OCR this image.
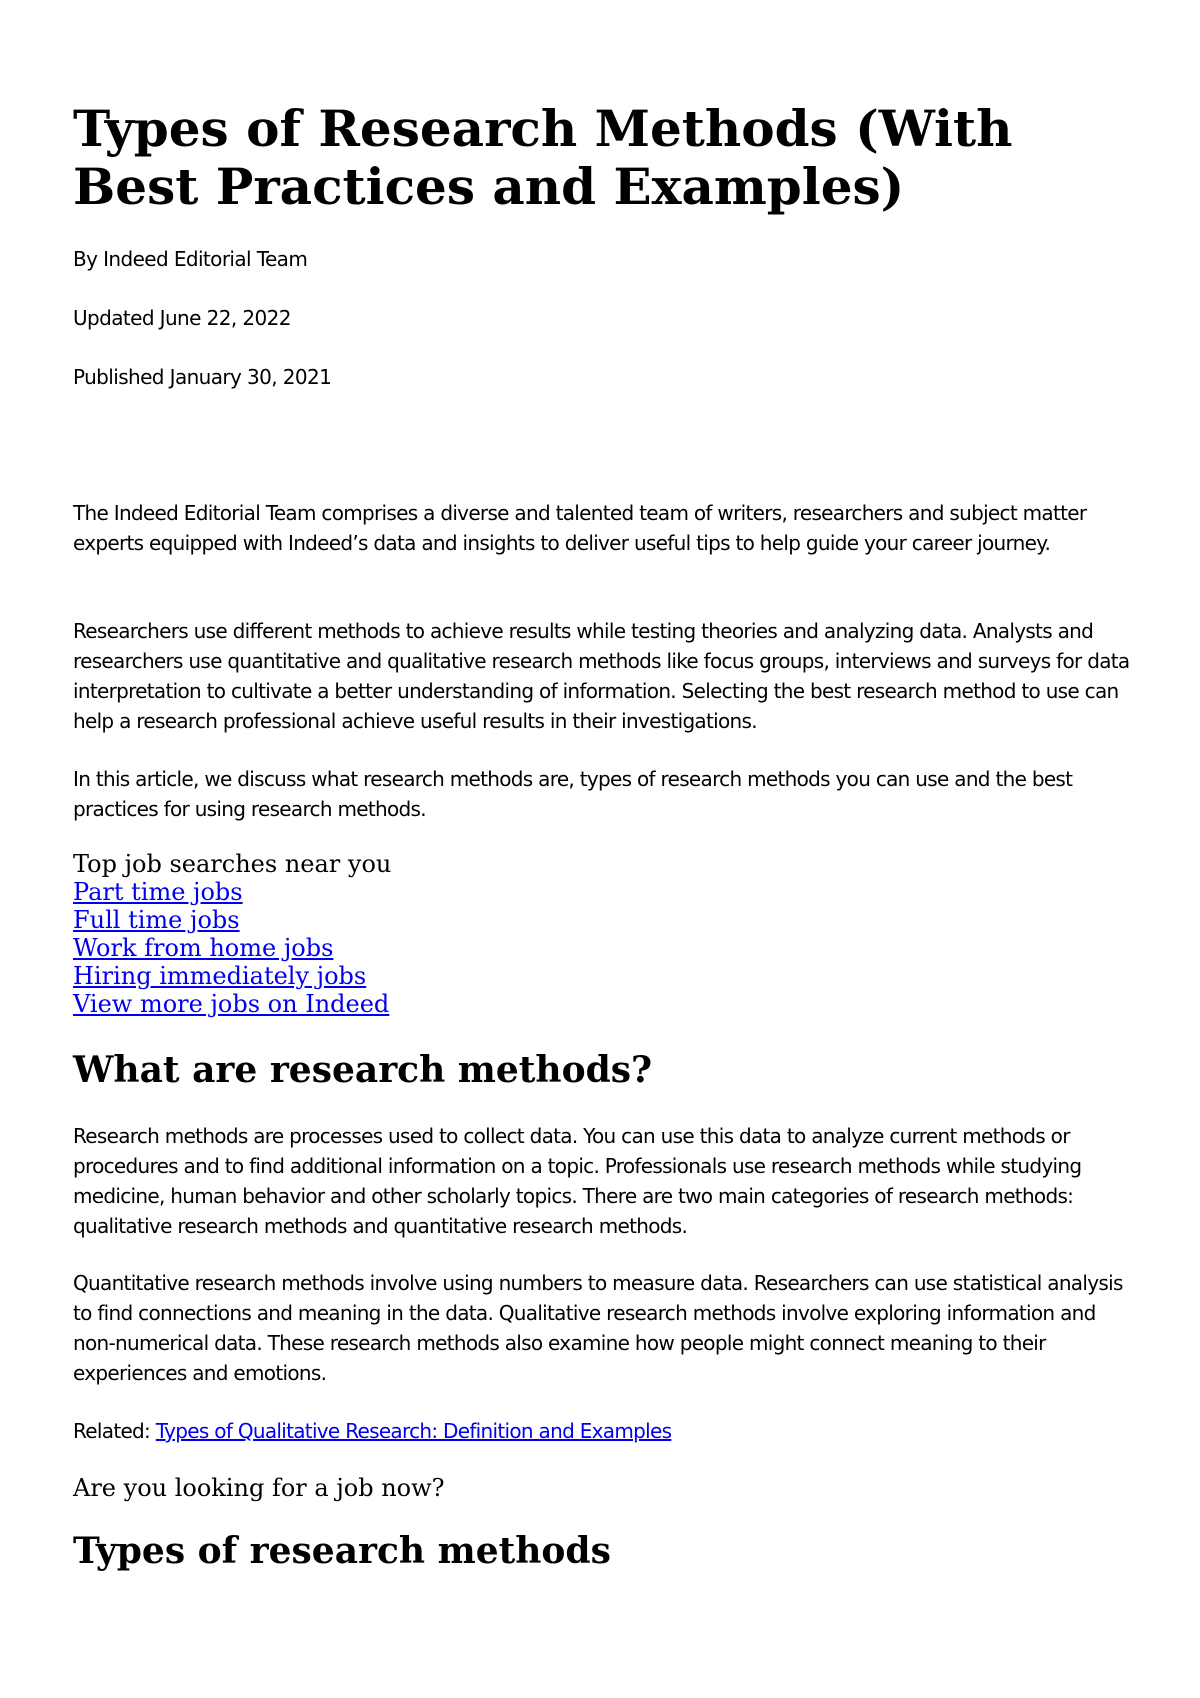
Types of Research Methods (With Best Practices and Examples)
By Indeed Editorial Team
Updated June 22, 2022
Published January 30, 2021

The Indeed Editorial Team comprises a diverse and talented team of writers, researchers and subject matter experts equipped with Indeed’s data and insights to deliver useful tips to help guide your career journey.

Researchers use different methods to achieve results while testing theories and analyzing data. Analysts and researchers use quantitative and qualitative research methods like focus groups, interviews and surveys for data interpretation to cultivate a better understanding of information. Selecting the best research method to use can help a research professional achieve useful results in their investigations.

In this article, we discuss what research methods are, types of research methods you can use and the best practices for using research methods.

Top job searches near you
Part time jobs
Full time jobs
Work from home jobs
Hiring immediately jobs
View more jobs on Indeed
What are research methods?

Research methods are processes used to collect data. You can use this data to analyze current methods or procedures and to find additional information on a topic. Professionals use research methods while studying medicine, human behavior and other scholarly topics. There are two main categories of research methods: qualitative research methods and quantitative research methods.

Quantitative research methods involve using numbers to measure data. Researchers can use statistical analysis to find connections and meaning in the data. Qualitative research methods involve exploring information and non-numerical data. These research methods also examine how people might connect meaning to their experiences and emotions.

Related: Types of Qualitative Research: Definition and Examples

Are you looking for a job now?
Types of research methods
